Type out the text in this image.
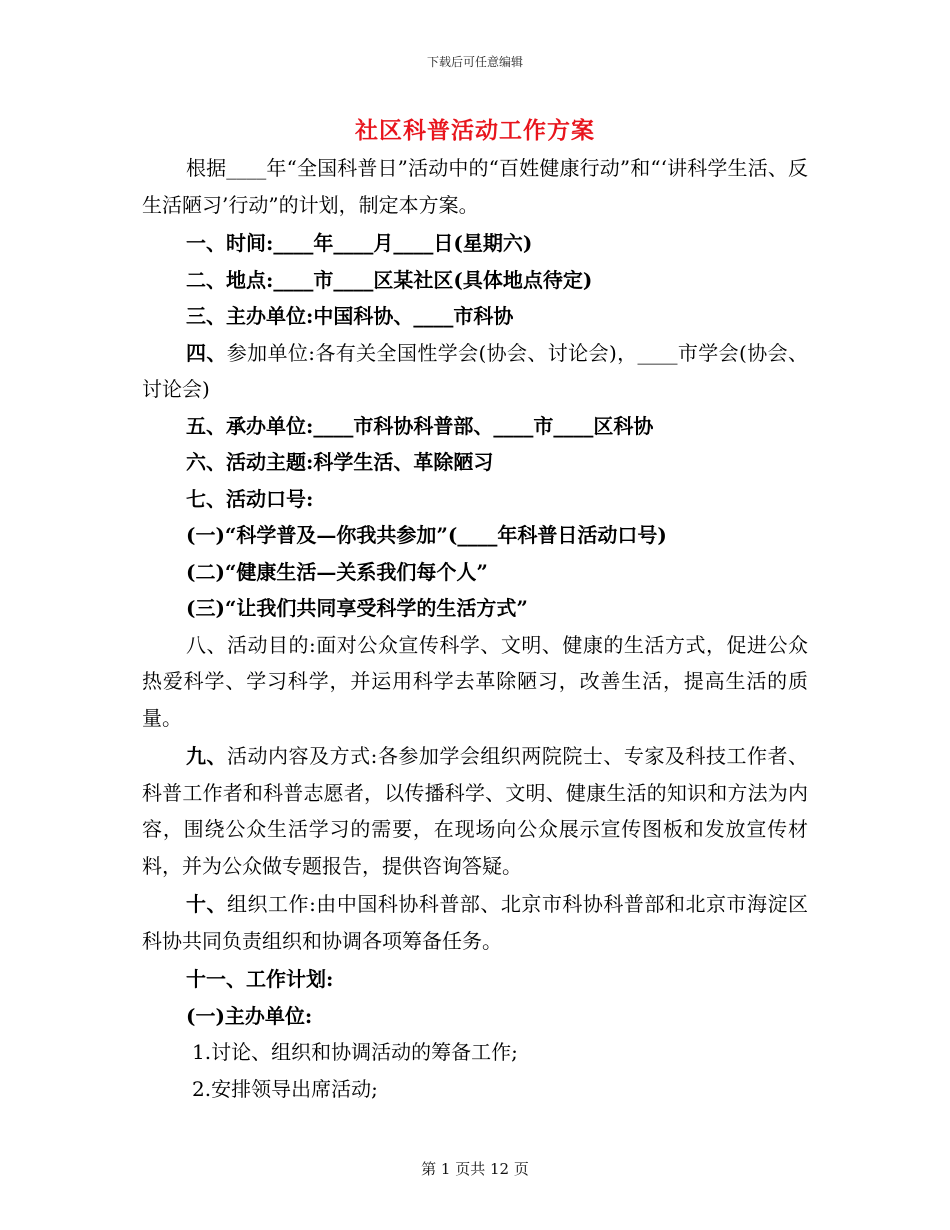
下载后可任意编辑
社区科普活动工作方案

根据____年“全国科普日”活动中的“百姓健康行动”和“‘讲科学生活、反生活陋习’行动”的计划，制定本方案。

一、时间:____年____月____日(星期六)

二、地点:____市____区某社区(具体地点待定)

三、主办单位:中国科协、____市科协

四、参加单位:各有关全国性学会(协会、讨论会)，____市学会(协会、讨论会)

五、承办单位:____市科协科普部、____市____区科协

六、活动主题:科学生活、革除陋习

七、活动口号:

(一)“科学普及—你我共参加”(____年科普日活动口号)

(二)“健康生活—关系我们每个人”

(三)“让我们共同享受科学的生活方式”

八、活动目的:面对公众宣传科学、文明、健康的生活方式，促进公众热爱科学、学习科学，并运用科学去革除陋习，改善生活，提高生活的质量。

九、活动内容及方式:各参加学会组织两院院士、专家及科技工作者、科普工作者和科普志愿者，以传播科学、文明、健康生活的知识和方法为内容，围绕公众生活学习的需要，在现场向公众展示宣传图板和发放宣传材料，并为公众做专题报告，提供咨询答疑。

十、组织工作:由中国科协科普部、北京市科协科普部和北京市海淀区科协共同负责组织和协调各项筹备任务。

十一、工作计划:

(一)主办单位:

1.讨论、组织和协调活动的筹备工作;

2.安排领导出席活动;

第 1 页共 12 页
